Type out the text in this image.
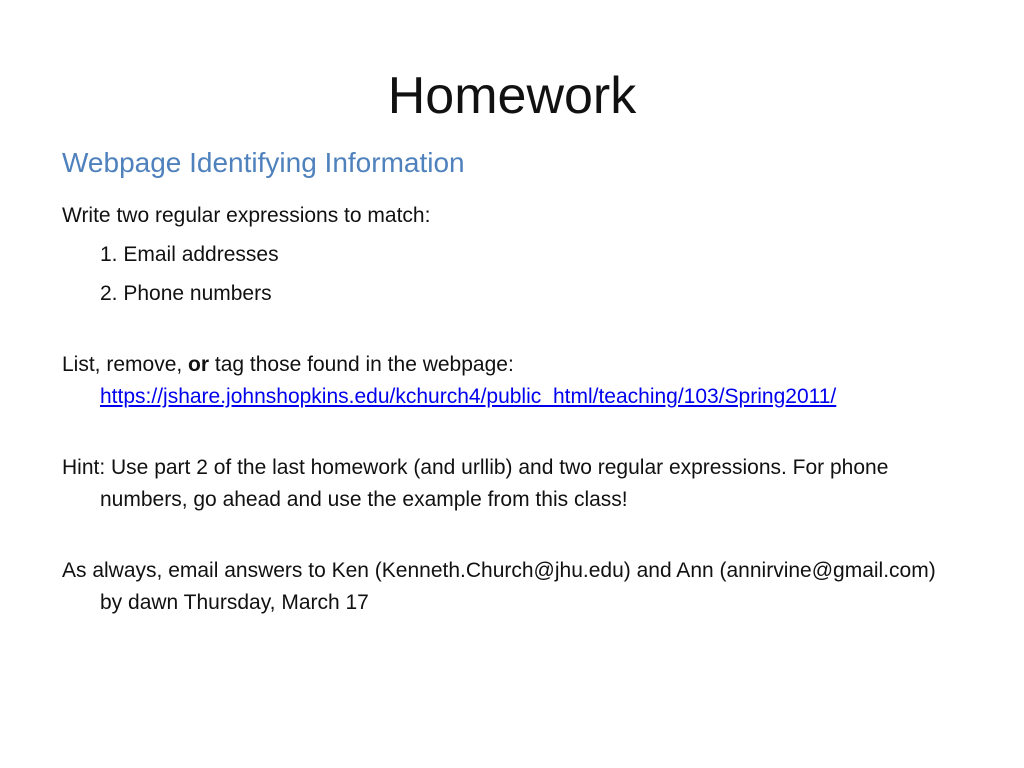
Homework
Webpage Identifying Information
Write two regular expressions to match:
1. Email addresses
2. Phone numbers
List, remove, or tag those found in the webpage:
https://jshare.johnshopkins.edu/kchurch4/public_html/teaching/103/Spring2011/
Hint: Use part 2 of the last homework (and urllib) and two regular expressions. For phone numbers, go ahead and use the example from this class!
As always, email answers to Ken (Kenneth.Church@jhu.edu) and Ann (annirvine@gmail.com) by dawn Thursday, March 17
